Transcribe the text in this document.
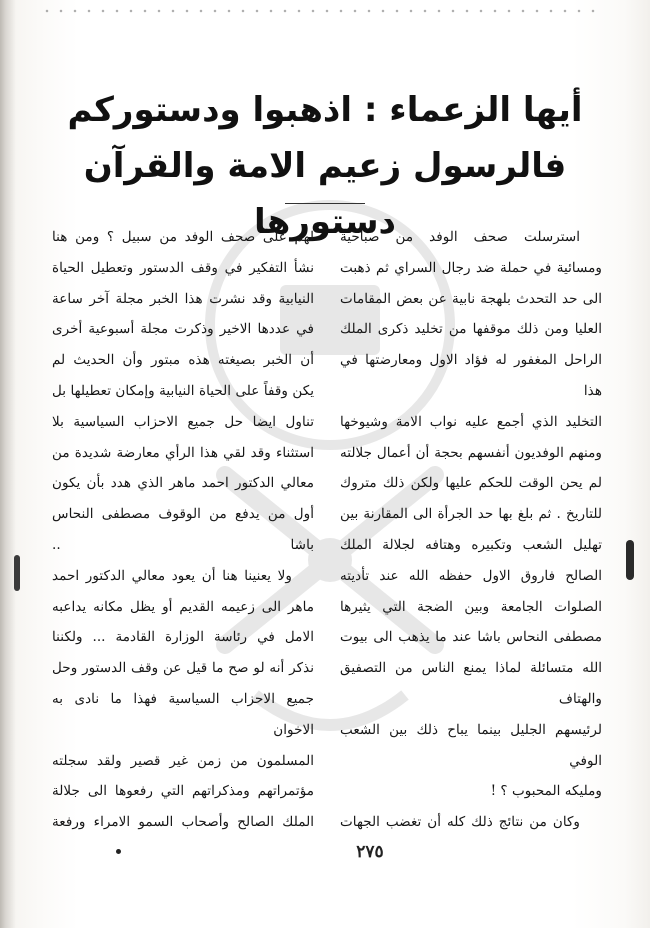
أيها الزعماء : اذهبوا ودستوركم

فالرسول زعيم الامة والقرآن دستورها

استرسلت صحف الوفد من صباحية

ومسائية في حملة ضد رجال السراي ثم ذهبت

الى حد التحدث بلهجة نابية عن بعض المقامات

العليا ومن ذلك موقفها من تخليد ذكرى الملك

الراحل المغفور له فؤاد الاول ومعارضتها في هذا

التخليد الذي أجمع عليه نواب الامة وشيوخها

ومنهم الوفديون أنفسهم بحجة أن أعمال جلالته

لم يحن الوقت للحكم عليها ولكن ذلك متروك

للتاريخ . ثم بلغ بها حد الجرأة الى المقارنة بين

تهليل الشعب وتكبيره وهتافه لجلالة الملك

الصالح فاروق الاول حفظه الله عند تأديته

الصلوات الجامعة وبين الضجة التي يثيرها

مصطفى النحاس باشا عند ما يذهب الى بيوت

الله متسائلة لماذا يمنع الناس من التصفيق والهتاف

لرئيسهم الجليل بينما يباح ذلك بين الشعب الوفي

ومليكه المحبوب ؟ !

وكان من نتائج ذلك كله أن تغضب الجهات

لهم على صحف الوفد من سبيل ؟ ومن هنا

نشأ التفكير في وقف الدستور وتعطيل الحياة

النيابية وقد نشرت هذا الخبر مجلة آخر ساعة

في عددها الاخير وذكرت مجلة أسبوعية أخرى

أن الخبر بصيغته هذه مبتور وأن الحديث لم

يكن وقفاً على الحياة النيابية وإمكان تعطيلها بل

تناول ايضا حل جميع الاحزاب السياسية بلا

استثناء وقد لقي هذا الرأي معارضة شديدة من

معالي الدكتور احمد ماهر الذي هدد بأن يكون

أول من يدفع من الوقوف مصطفى النحاس باشا ..

ولا يعنينا هنا أن يعود معالي الدكتور احمد

ماهر الى زعيمه القديم أو يظل مكانه يداعبه

الامل في رئاسة الوزارة القادمة ... ولكننا

نذكر أنه لو صح ما قيل عن وقف الدستور وحل

جميع الاحزاب السياسية فهذا ما نادى به الاخوان

المسلمون من زمن غير قصير ولقد سجلته

مؤتمراتهم ومذكراتهم التي رفعوها الى جلالة

الملك الصالح وأصحاب السمو الامراء ورفعة

٢٧٥
